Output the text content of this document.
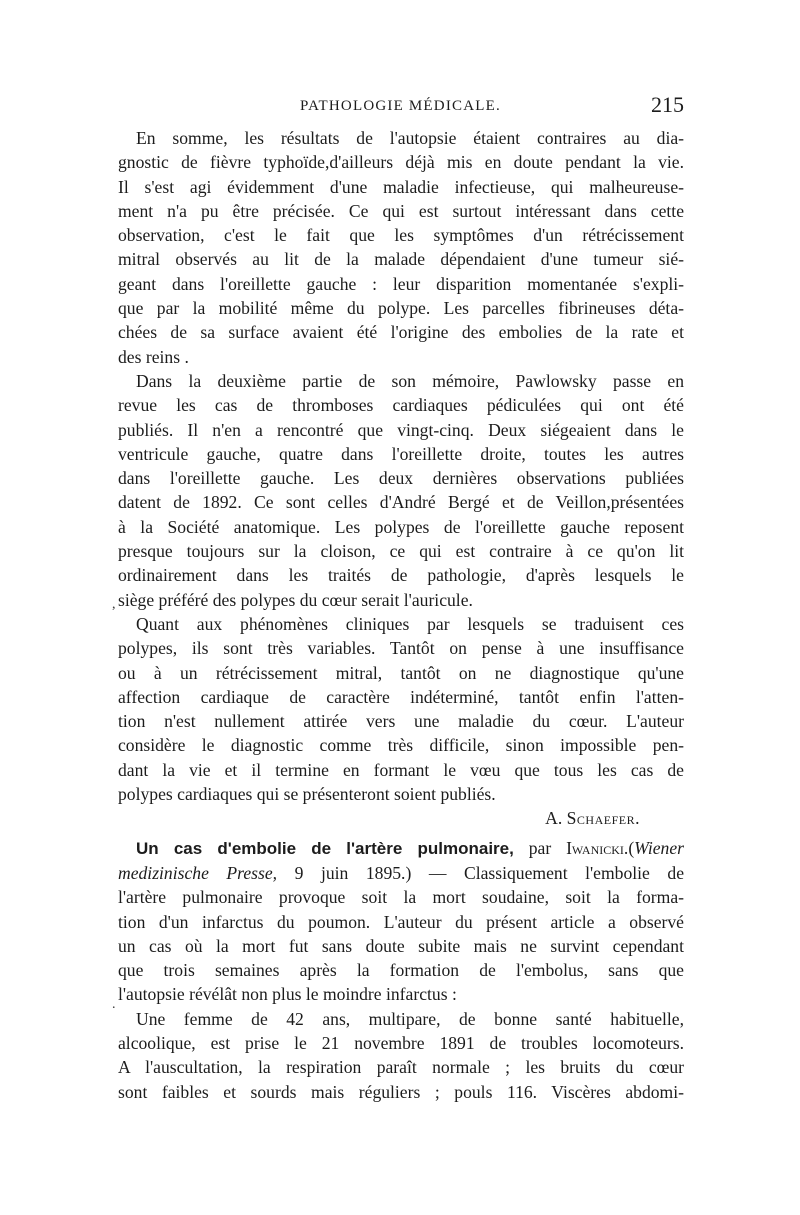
PATHOLOGIE MÉDICALE.	215
,
.
En somme, les résultats de l'autopsie étaient contraires au dia-
gnostic de fièvre typhoïde,d'ailleurs déjà mis en doute pendant la vie.
Il s'est agi évidemment d'une maladie infectieuse, qui malheureuse-
ment n'a pu être précisée. Ce qui est surtout intéressant dans cette
observation, c'est le fait que les symptômes d'un rétrécissement
mitral observés au lit de la malade dépendaient d'une tumeur sié-
geant dans l'oreillette gauche : leur disparition momentanée s'expli-
que par la mobilité même du polype. Les parcelles fibrineuses déta-
chées de sa surface avaient été l'origine des embolies de la rate et
des reins .
Dans la deuxième partie de son mémoire, Pawlowsky passe en
revue les cas de thromboses cardiaques pédiculées qui ont été
publiés. Il n'en a rencontré que vingt-cinq. Deux siégeaient dans le
ventricule gauche, quatre dans l'oreillette droite, toutes les autres
dans l'oreillette gauche. Les deux dernières observations publiées
datent de 1892. Ce sont celles d'André Bergé et de Veillon,présentées
à la Société anatomique. Les polypes de l'oreillette gauche reposent
presque toujours sur la cloison, ce qui est contraire à ce qu'on lit
ordinairement dans les traités de pathologie, d'après lesquels le
siège préféré des polypes du cœur serait l'auricule.
Quant aux phénomènes cliniques par lesquels se traduisent ces
polypes, ils sont très variables. Tantôt on pense à une insuffisance
ou à un rétrécissement mitral, tantôt on ne diagnostique qu'une
affection cardiaque de caractère indéterminé, tantôt enfin l'atten-
tion n'est nullement attirée vers une maladie du cœur. L'auteur
considère le diagnostic comme très difficile, sinon impossible pen-
dant la vie et il termine en formant le vœu que tous les cas de
polypes cardiaques qui se présenteront soient publiés.
A. Schaefer.
Un cas d'embolie de l'artère pulmonaire, par Iwanicki.(Wiener
medizinische Presse, 9 juin 1895.) — Classiquement l'embolie de
l'artère pulmonaire provoque soit la mort soudaine, soit la forma-
tion d'un infarctus du poumon. L'auteur du présent article a observé
un cas où la mort fut sans doute subite mais ne survint cependant
que trois semaines après la formation de l'embolus, sans que
l'autopsie révélât non plus le moindre infarctus :
Une femme de 42 ans, multipare, de bonne santé habituelle,
alcoolique, est prise le 21 novembre 1891 de troubles locomoteurs.
A l'auscultation, la respiration paraît normale ; les bruits du cœur
sont faibles et sourds mais réguliers ; pouls 116. Viscères abdomi-
